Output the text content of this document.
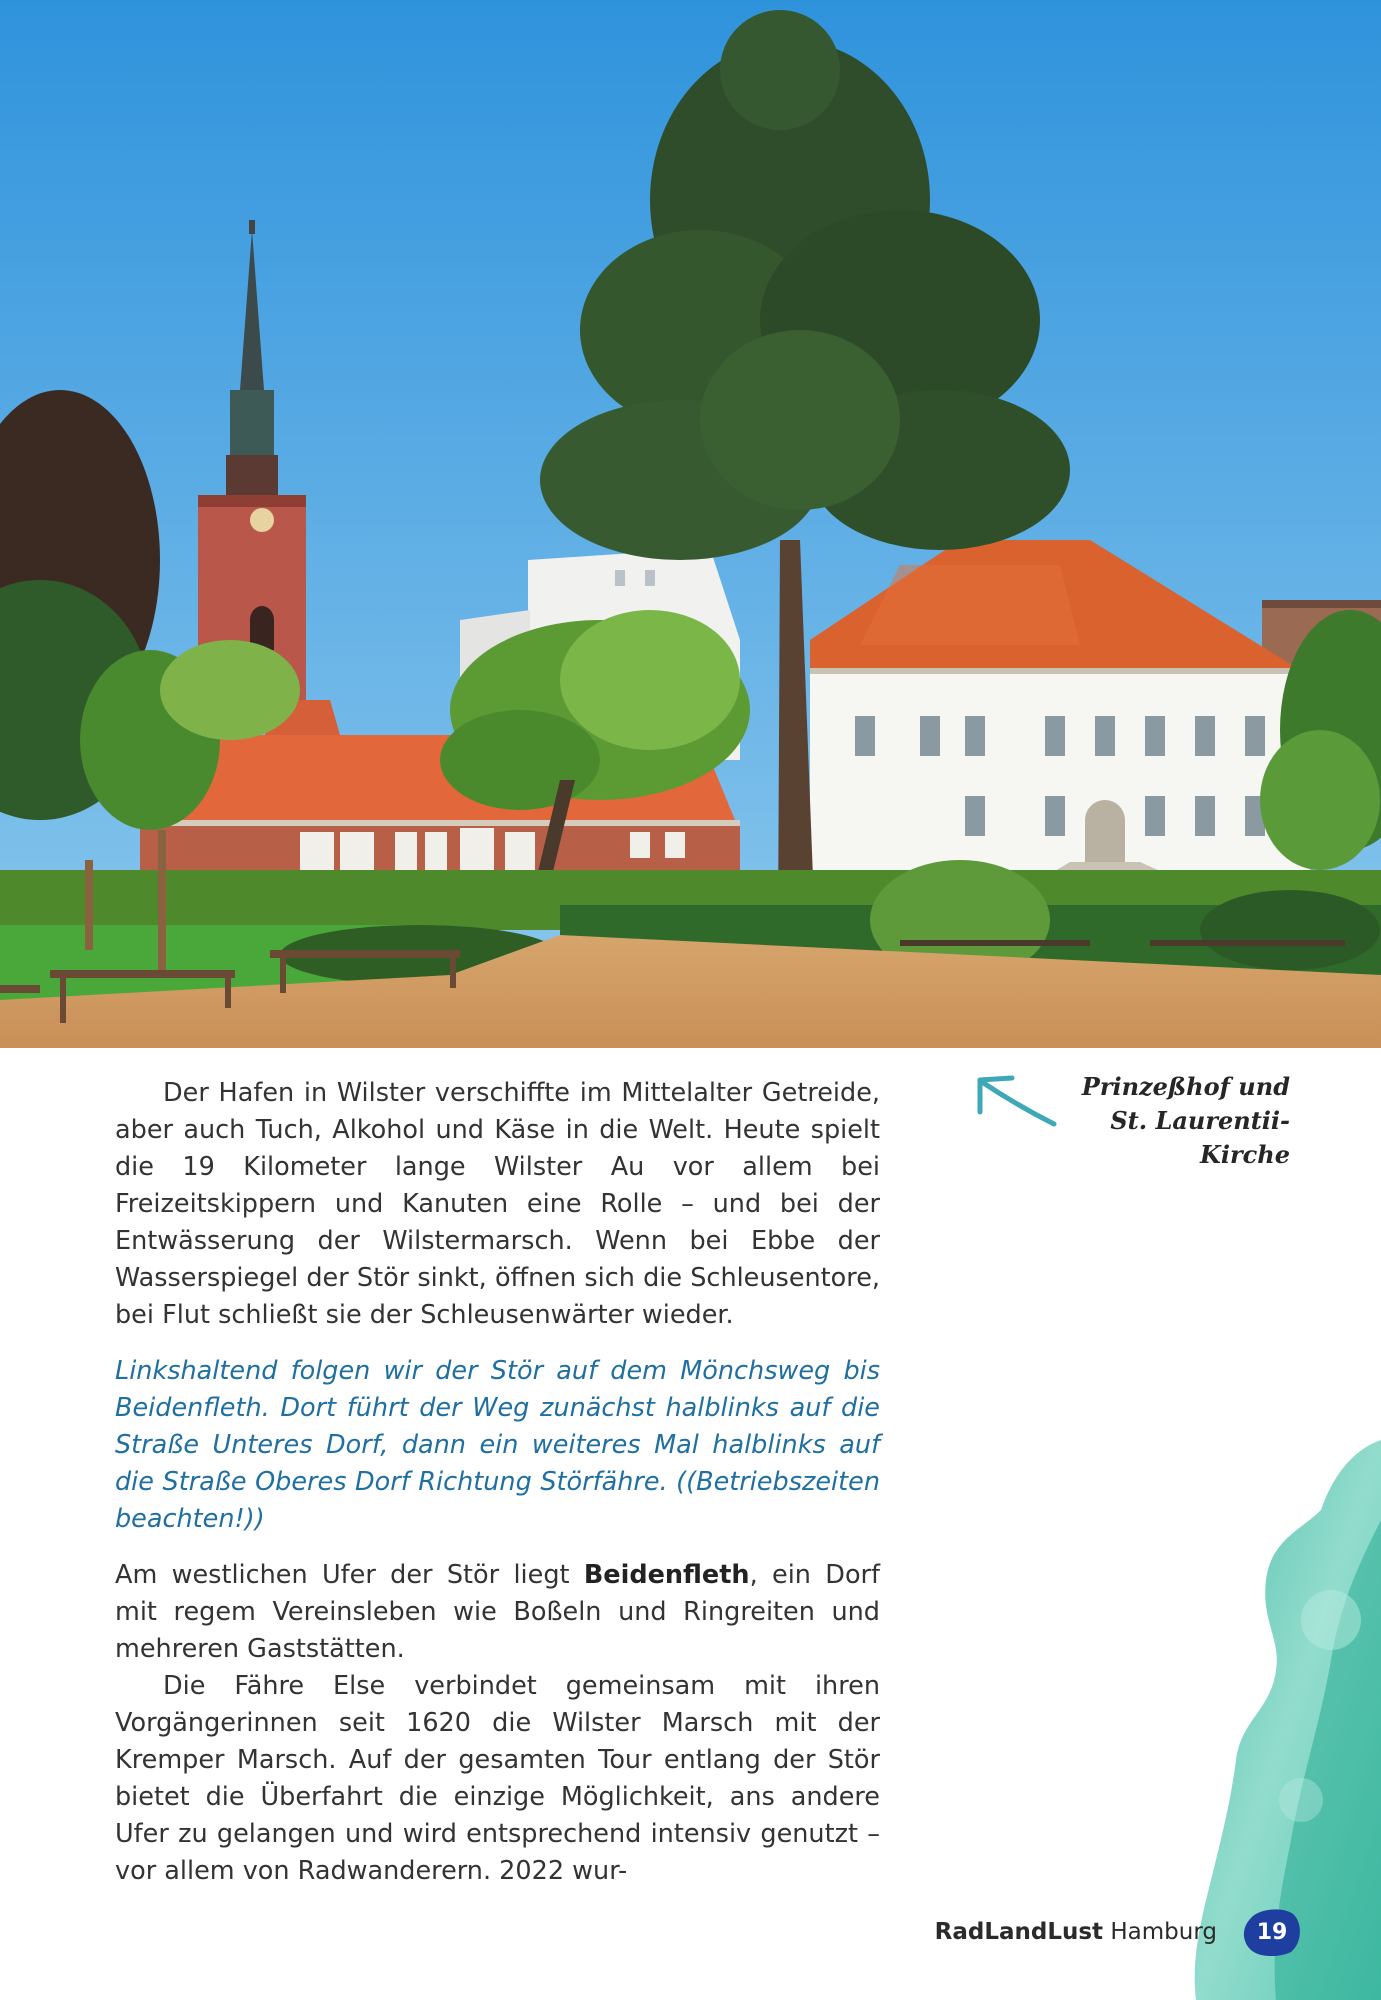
Prinzeßhof und
St. Laurentii-Kirche

Der Hafen in Wilster verschiffte im Mittelalter Getreide, aber auch Tuch, Alkohol und Käse in die Welt. Heute spielt die 19 Kilometer lange Wilster Au vor allem bei Freizeitskippern und Kanuten eine Rolle – und bei der Entwässerung der Wilstermarsch. Wenn bei Ebbe der Wasserspiegel der Stör sinkt, öffnen sich die Schleusentore, bei Flut schließt sie der Schleusenwärter wieder.

Linkshaltend folgen wir der Stör auf dem Mönchsweg bis Beidenfleth. Dort führt der Weg zunächst halblinks auf die Straße Unteres Dorf, dann ein weiteres Mal halblinks auf die Straße Oberes Dorf Richtung Störfähre. ((Betriebszeiten beachten!))

Am westlichen Ufer der Stör liegt Beidenfleth, ein Dorf mit regem Vereinsleben wie Boßeln und Ringreiten und mehreren Gaststätten.

Die Fähre Else verbindet gemeinsam mit ihren Vorgängerinnen seit 1620 die Wilster Marsch mit der Kremper Marsch. Auf der gesamten Tour entlang der Stör bietet die Überfahrt die einzige Möglichkeit, ans andere Ufer zu gelangen und wird entsprechend intensiv genutzt – vor allem von Radwanderern. 2022 wur-

RadLandLust Hamburg 19
